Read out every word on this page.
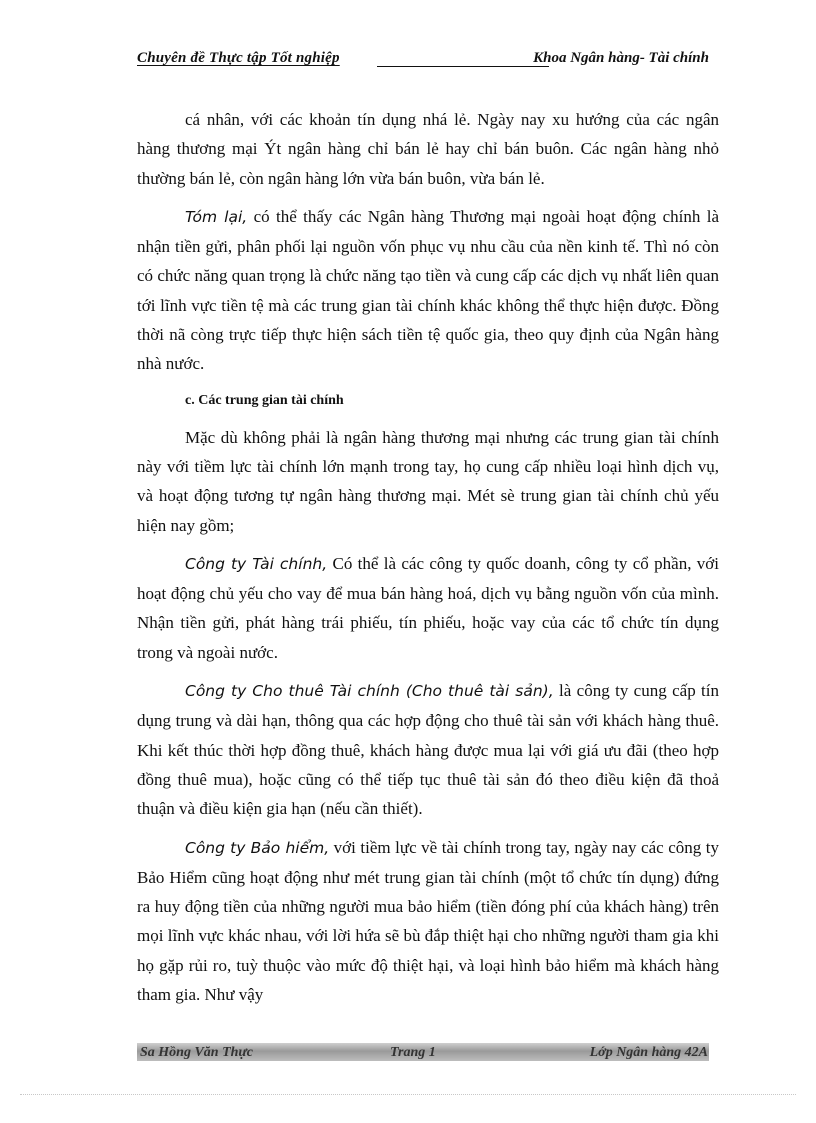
Chuyên đề Thực tập Tốt nghiệp	Khoa Ngân hàng- Tài chính

cá nhân, với các khoản tín dụng nhá lẻ. Ngày nay xu hướng của các ngân hàng thương mại Ýt ngân hàng chỉ bán lẻ hay chỉ bán buôn. Các ngân hàng nhỏ thường bán lẻ, còn ngân hàng lớn vừa bán buôn, vừa bán lẻ.

Tóm lại, có thể thấy các Ngân hàng Thương mại ngoài hoạt động chính là nhận tiền gửi, phân phối lại nguồn vốn phục vụ nhu cầu của nền kinh tế. Thì nó còn có chức năng quan trọng là chức năng tạo tiền và cung cấp các dịch vụ nhất liên quan tới lĩnh vực tiền tệ mà các trung gian tài chính khác không thể thực hiện được. Đồng thời nã còng trực tiếp thực hiện sách tiền tệ quốc gia, theo quy định của Ngân hàng nhà nước.

c. Các trung gian tài chính

Mặc dù không phải là ngân hàng thương mại nhưng các trung gian tài chính này với tiềm lực tài chính lớn mạnh trong tay, họ cung cấp nhiều loại hình dịch vụ, và hoạt động tương tự ngân hàng thương mại. Mét sè trung gian tài chính chủ yếu hiện nay gồm;

Công ty Tài chính, Có thể là các công ty quốc doanh, công ty cổ phần, với hoạt động chủ yếu cho vay để mua bán hàng hoá, dịch vụ bằng nguồn vốn của mình. Nhận tiền gửi, phát hàng trái phiếu, tín phiếu, hoặc vay của các tổ chức tín dụng trong và ngoài nước.

Công ty Cho thuê Tài chính (Cho thuê tài sản), là công ty cung cấp tín dụng trung và dài hạn, thông qua các hợp động cho thuê tài sản với khách hàng thuê. Khi kết thúc thời hợp đồng thuê, khách hàng được mua lại với giá ưu đãi (theo hợp đồng thuê mua), hoặc cũng có thể tiếp tục thuê tài sản đó theo điều kiện đã thoả thuận và điều kiện gia hạn (nếu cần thiết).

Công ty Bảo hiểm, với tiềm lực về tài chính trong tay, ngày nay các công ty Bảo Hiểm cũng hoạt động như mét trung gian tài chính (một tổ chức tín dụng) đứng ra huy động tiền của những người mua bảo hiểm (tiền đóng phí của khách hàng) trên mọi lĩnh vực khác nhau, với lời hứa sẽ bù đắp thiệt hại cho những người tham gia khi họ gặp rủi ro, tuỳ thuộc vào mức độ thiệt hại, và loại hình bảo hiểm mà khách hàng tham gia. Như vậy

Sa Hồng Văn Thực	Trang 1	Lớp Ngân hàng 42A
